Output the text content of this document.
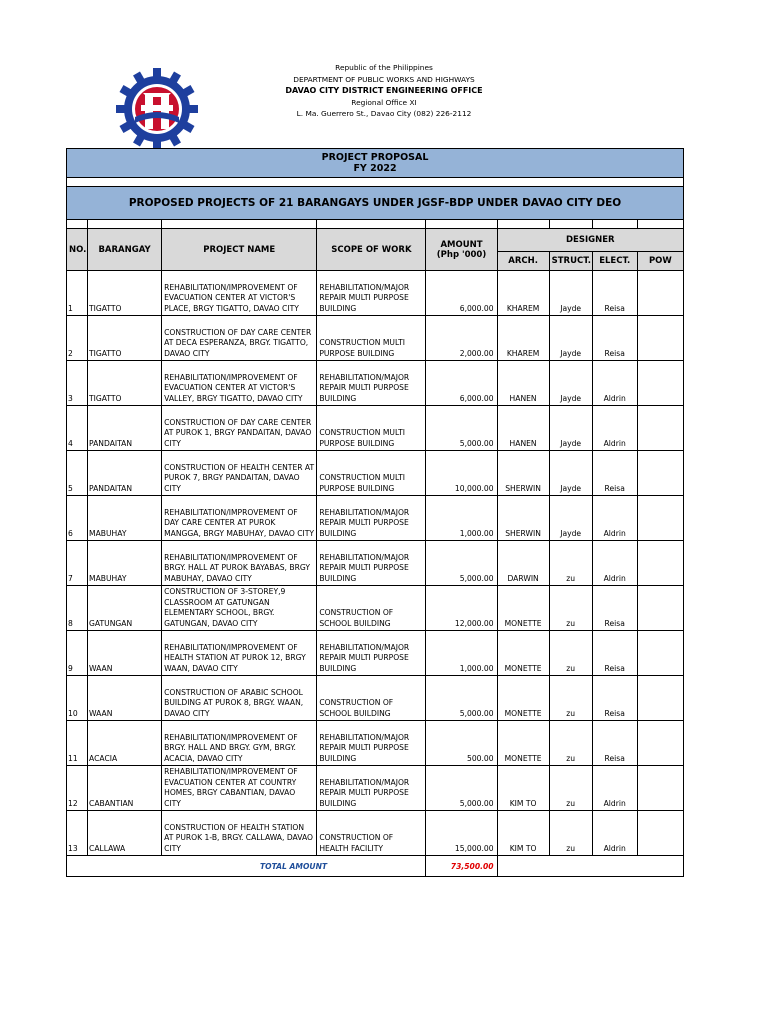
Republic of the Philippines
DEPARTMENT OF PUBLIC WORKS AND HIGHWAYS
DAVAO CITY DISTRICT ENGINEERING OFFICE
Regional Office XI
L. Ma. Guerrero St., Davao City (082) 226-2112
PROJECT PROPOSAL
FY 2022								

PROPOSED PROJECTS OF 21 BARANGAYS UNDER JGSF-BDP UNDER DAVAO CITY DEO								

NO.	BARANGAY	PROJECT NAME	SCOPE OF WORK	AMOUNT (Php '000)	DESIGNER			
					ARCH.	STRUCT.	ELECT.	POW
1	TIGATTO	REHABILITATION/IMPROVEMENT OF EVACUATION CENTER AT VICTOR'S PLACE, BRGY TIGATTO, DAVAO CITY	REHABILITATION/MAJOR REPAIR MULTI PURPOSE BUILDING	6,000.00	KHAREM	Jayde	Reisa	
2	TIGATTO	CONSTRUCTION OF DAY CARE CENTER AT DECA ESPERANZA, BRGY. TIGATTO, DAVAO CITY	CONSTRUCTION MULTI PURPOSE BUILDING	2,000.00	KHAREM	Jayde	Reisa	
3	TIGATTO	REHABILITATION/IMPROVEMENT OF EVACUATION CENTER AT VICTOR'S VALLEY, BRGY TIGATTO, DAVAO CITY	REHABILITATION/MAJOR REPAIR MULTI PURPOSE BUILDING	6,000.00	HANEN	Jayde	Aldrin	
4	PANDAITAN	CONSTRUCTION OF DAY CARE CENTER AT PUROK 1, BRGY PANDAITAN, DAVAO CITY	CONSTRUCTION MULTI PURPOSE BUILDING	5,000.00	HANEN	Jayde	Aldrin	
5	PANDAITAN	CONSTRUCTION OF HEALTH CENTER AT PUROK 7, BRGY PANDAITAN, DAVAO CITY	CONSTRUCTION MULTI PURPOSE BUILDING	10,000.00	SHERWIN	Jayde	Reisa	
6	MABUHAY	REHABILITATION/IMPROVEMENT OF DAY CARE CENTER AT PUROK MANGGA, BRGY MABUHAY, DAVAO CITY	REHABILITATION/MAJOR REPAIR MULTI PURPOSE BUILDING	1,000.00	SHERWIN	Jayde	Aldrin	
7	MABUHAY	REHABILITATION/IMPROVEMENT OF BRGY. HALL AT PUROK BAYABAS, BRGY MABUHAY, DAVAO CITY	REHABILITATION/MAJOR REPAIR MULTI PURPOSE BUILDING	5,000.00	DARWIN	zu	Aldrin	
8	GATUNGAN	CONSTRUCTION OF 3-STOREY,9 CLASSROOM AT GATUNGAN ELEMENTARY SCHOOL, BRGY. GATUNGAN, DAVAO CITY	CONSTRUCTION OF SCHOOL BUILDING	12,000.00	MONETTE	zu	Reisa	
9	WAAN	REHABILITATION/IMPROVEMENT OF HEALTH STATION AT PUROK 12, BRGY WAAN, DAVAO CITY	REHABILITATION/MAJOR REPAIR MULTI PURPOSE BUILDING	1,000.00	MONETTE	zu	Reisa	
10	WAAN	CONSTRUCTION OF ARABIC SCHOOL BUILDING AT PUROK 8, BRGY. WAAN, DAVAO CITY	CONSTRUCTION OF SCHOOL BUILDING	5,000.00	MONETTE	zu	Reisa	
11	ACACIA	REHABILITATION/IMPROVEMENT OF BRGY. HALL AND BRGY. GYM, BRGY. ACACIA, DAVAO CITY	REHABILITATION/MAJOR REPAIR MULTI PURPOSE BUILDING	500.00	MONETTE	zu	Reisa	
12	CABANTIAN	REHABILITATION/IMPROVEMENT OF EVACUATION CENTER AT COUNTRY HOMES, BRGY CABANTIAN, DAVAO CITY	REHABILITATION/MAJOR REPAIR MULTI PURPOSE BUILDING	5,000.00	KIM TO	zu	Aldrin	
13	CALLAWA	CONSTRUCTION OF HEALTH STATION AT PUROK 1-B, BRGY. CALLAWA, DAVAO CITY	CONSTRUCTION OF HEALTH FACILITY	15,000.00	KIM TO	zu	Aldrin	
		TOTAL AMOUNT		73,500.00				
